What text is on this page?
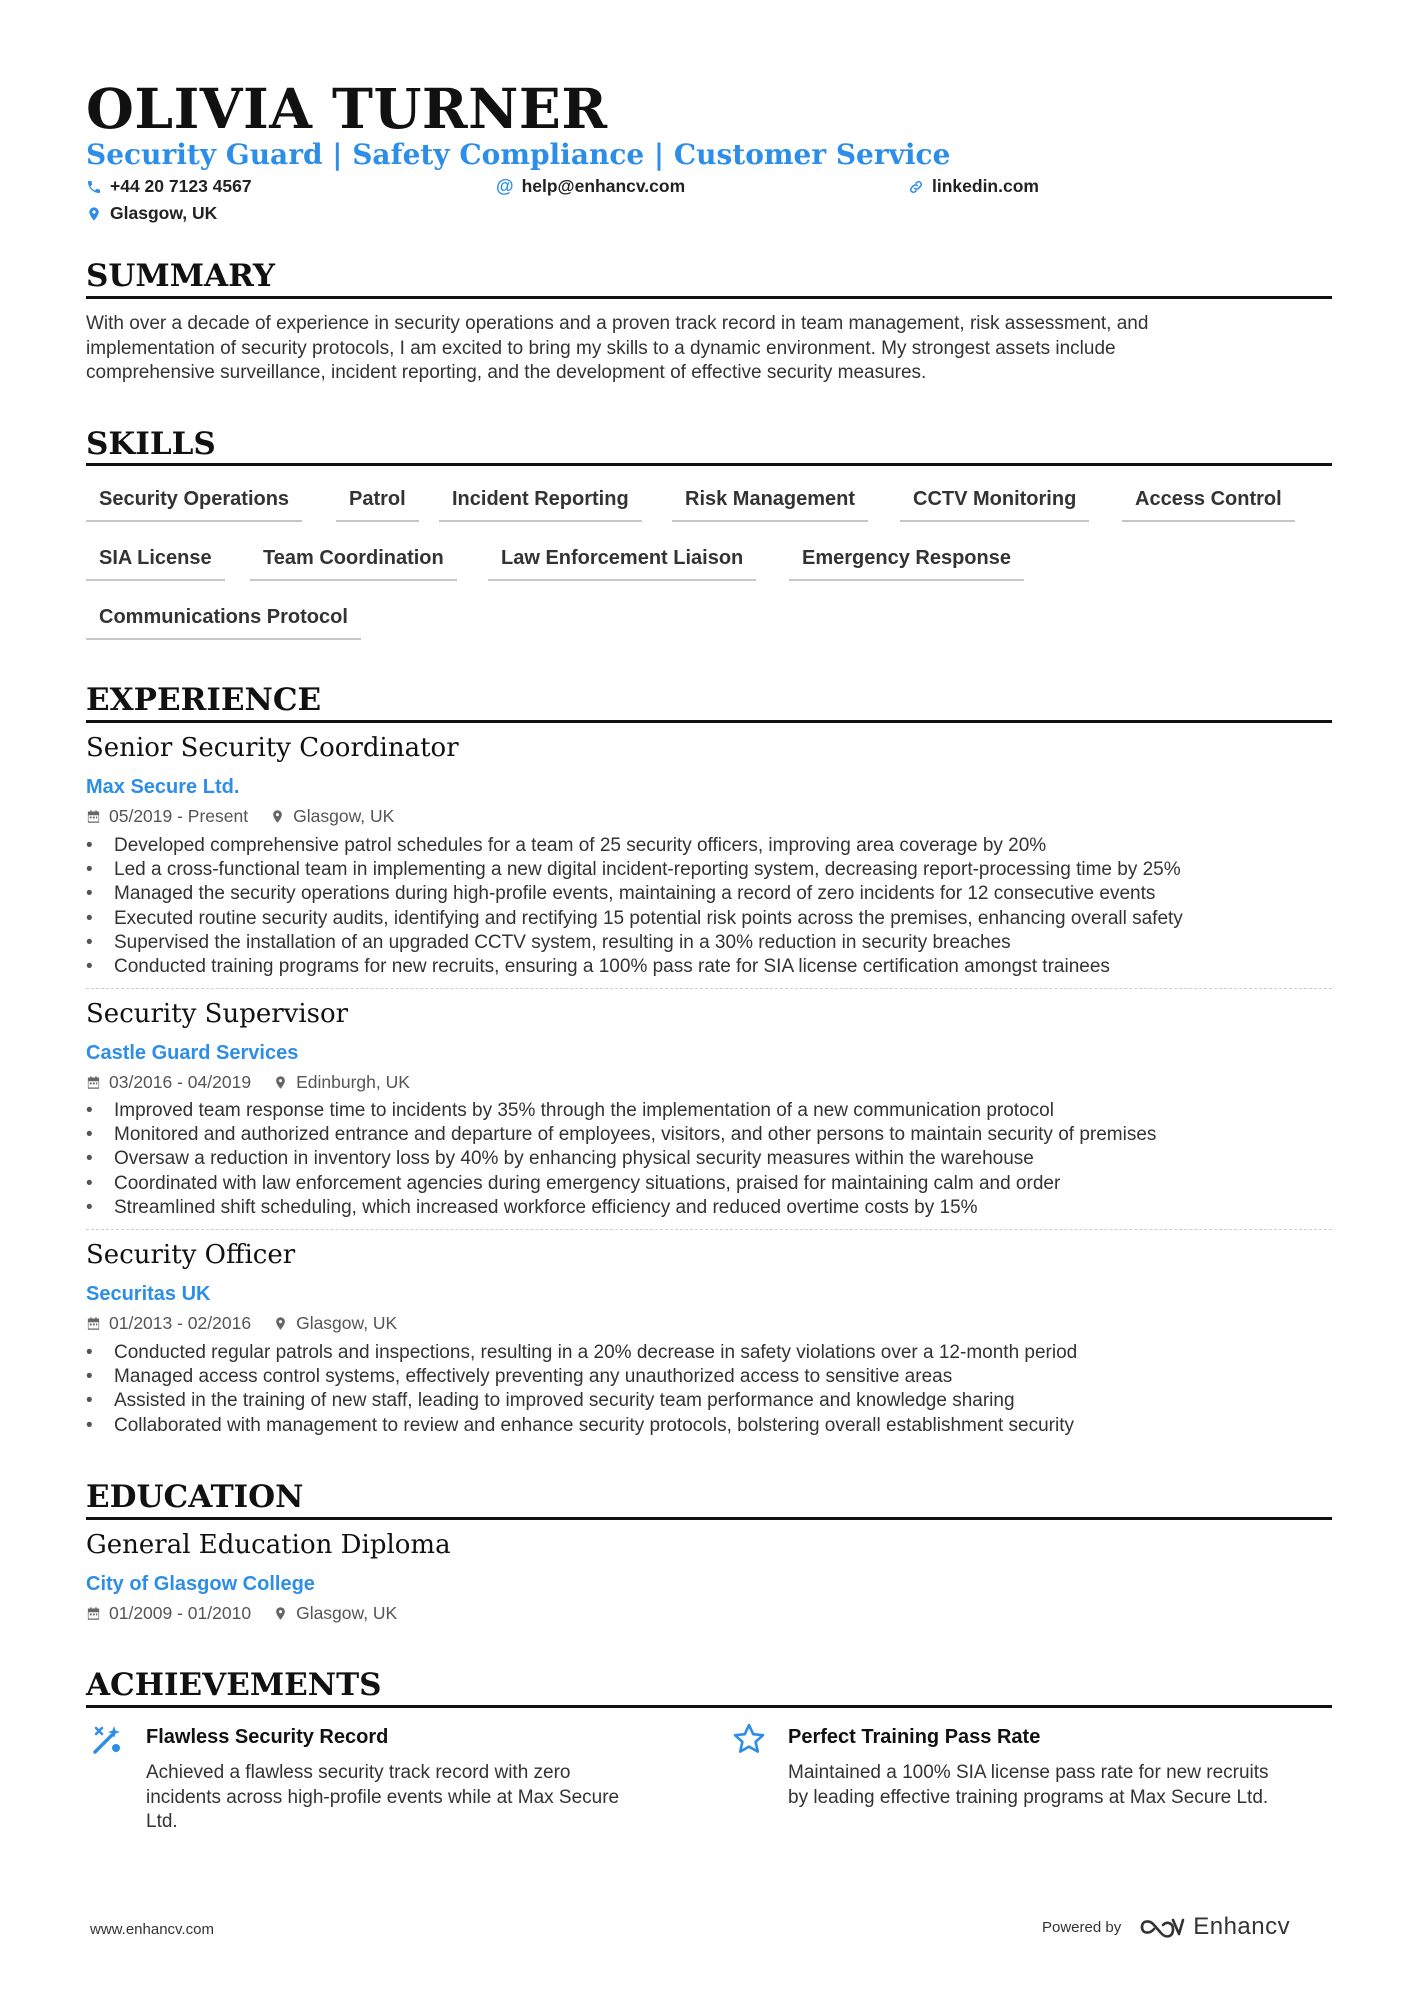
OLIVIA TURNER
Security Guard | Safety Compliance | Customer Service
+44 20 7123 4567	@ help@enhancv.com	linkedin.com
Glasgow, UK
SUMMARY
With over a decade of experience in security operations and a proven track record in team management, risk assessment, and
implementation of security protocols, I am excited to bring my skills to a dynamic environment. My strongest assets include
comprehensive surveillance, incident reporting, and the development of effective security measures.
SKILLS
Security Operations	Patrol	Incident Reporting	Risk Management	CCTV Monitoring	Access Control
SIA License	Team Coordination	Law Enforcement Liaison	Emergency Response
Communications Protocol
EXPERIENCE
Senior Security Coordinator
Max Secure Ltd.
05/2019 - Present	Glasgow, UK
• Developed comprehensive patrol schedules for a team of 25 security officers, improving area coverage by 20%
• Led a cross-functional team in implementing a new digital incident-reporting system, decreasing report-processing time by 25%
• Managed the security operations during high-profile events, maintaining a record of zero incidents for 12 consecutive events
• Executed routine security audits, identifying and rectifying 15 potential risk points across the premises, enhancing overall safety
• Supervised the installation of an upgraded CCTV system, resulting in a 30% reduction in security breaches
• Conducted training programs for new recruits, ensuring a 100% pass rate for SIA license certification amongst trainees
Security Supervisor
Castle Guard Services
03/2016 - 04/2019	Edinburgh, UK
• Improved team response time to incidents by 35% through the implementation of a new communication protocol
• Monitored and authorized entrance and departure of employees, visitors, and other persons to maintain security of premises
• Oversaw a reduction in inventory loss by 40% by enhancing physical security measures within the warehouse
• Coordinated with law enforcement agencies during emergency situations, praised for maintaining calm and order
• Streamlined shift scheduling, which increased workforce efficiency and reduced overtime costs by 15%
Security Officer
Securitas UK
01/2013 - 02/2016	Glasgow, UK
• Conducted regular patrols and inspections, resulting in a 20% decrease in safety violations over a 12-month period
• Managed access control systems, effectively preventing any unauthorized access to sensitive areas
• Assisted in the training of new staff, leading to improved security team performance and knowledge sharing
• Collaborated with management to review and enhance security protocols, bolstering overall establishment security
EDUCATION
General Education Diploma
City of Glasgow College
01/2009 - 01/2010	Glasgow, UK
ACHIEVEMENTS
Flawless Security Record
Achieved a flawless security track record with zero
incidents across high-profile events while at Max Secure
Ltd.
Perfect Training Pass Rate
Maintained a 100% SIA license pass rate for new recruits
by leading effective training programs at Max Secure Ltd.
www.enhancv.com	Powered by	Enhancv
